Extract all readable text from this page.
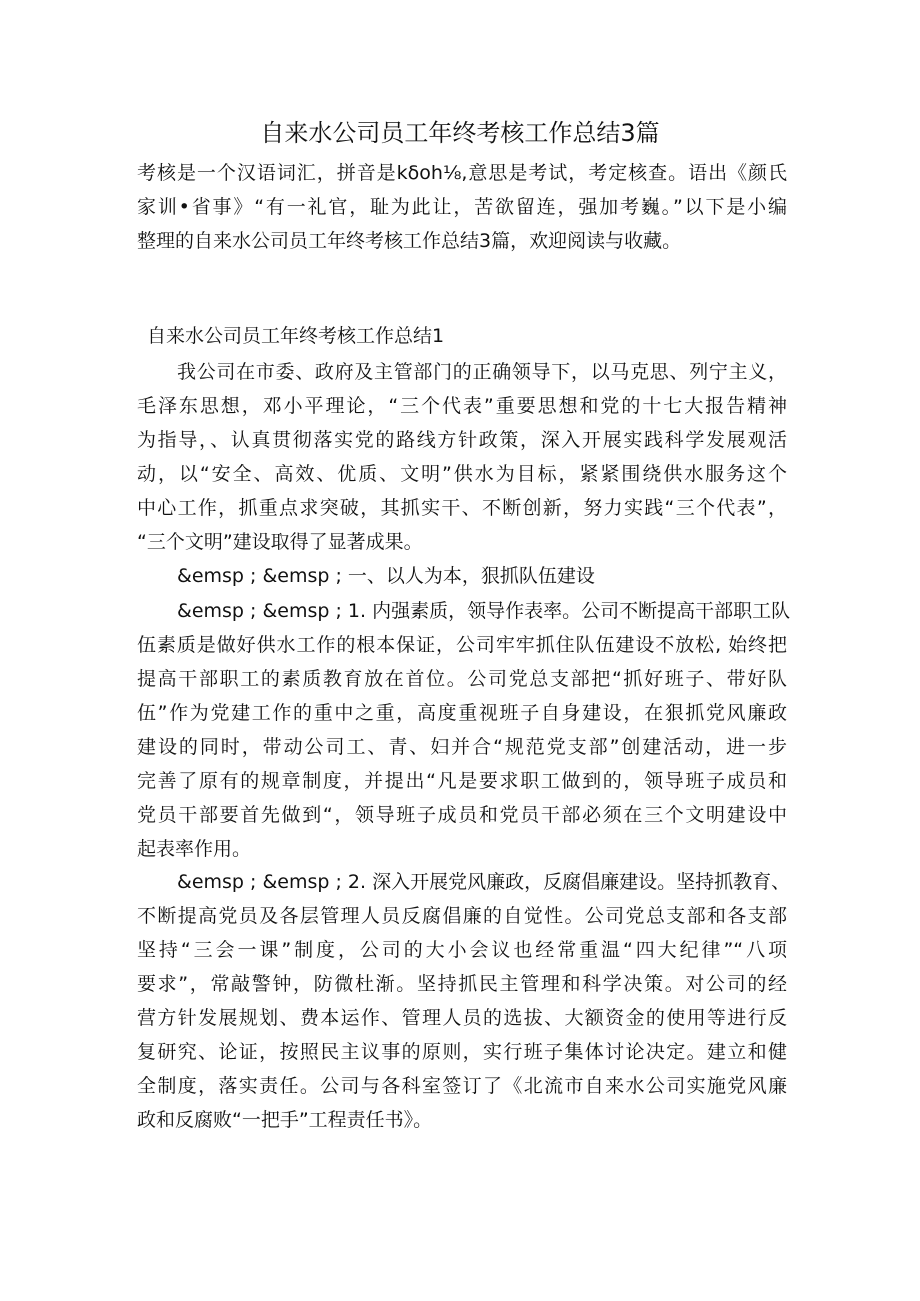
自来水公司员工年终考核工作总结3篇
考核是一个汉语词汇，拼音是kδoh⅛,意思是考试，考定核查。语出《颜氏
家训•省事》“有一礼官，耻为此让，苦欲留连，强加考巍。”以下是小编
整理的自来水公司员工年终考核工作总结3篇，欢迎阅读与收藏。
自来水公司员工年终考核工作总结1
我公司在市委、政府及主管部门的正确领导下，以马克思、列宁主义，
毛泽东思想，邓小平理论，“三个代表”重要思想和党的十七大报告精神
为指导，、认真贯彻落实党的路线方针政策，深入开展实践科学发展观活
动，以“安全、高效、优质、文明”供水为目标，紧紧围绕供水服务这个
中心工作，抓重点求突破，其抓实干、不断创新，努力实践“三个代表”，
“三个文明”建设取得了显著成果。
&emsp ; &emsp ; 一、以人为本，狠抓队伍建设
&emsp ; &emsp ; 1. 内强素质，领导作表率。公司不断提高干部职工队
伍素质是做好供水工作的根本保证，公司牢牢抓住队伍建设不放松, 始终把
提高干部职工的素质教育放在首位。公司党总支部把“抓好班子、带好队
伍”作为党建工作的重中之重，高度重视班子自身建设，在狠抓党风廉政
建设的同时，带动公司工、青、妇并合“规范党支部”创建活动，进一步
完善了原有的规章制度，并提出“凡是要求职工做到的，领导班子成员和
党员干部要首先做到“，领导班子成员和党员干部必须在三个文明建设中
起表率作用。
&emsp ; &emsp ; 2. 深入开展党风廉政，反腐倡廉建设。坚持抓教育、
不断提高党员及各层管理人员反腐倡廉的自觉性。公司党总支部和各支部
坚持“三会一课”制度，公司的大小会议也经常重温“四大纪律”“八项
要求”，常敲警钟，防微杜渐。坚持抓民主管理和科学决策。对公司的经
营方针发展规划、费本运作、管理人员的选拔、大额资金的使用等进行反
复研究、论证，按照民主议事的原则，实行班子集体讨论决定。建立和健
全制度，落实责任。公司与各科室签订了《北流市自来水公司实施党风廉
政和反腐败“一把手”工程责任书》。
